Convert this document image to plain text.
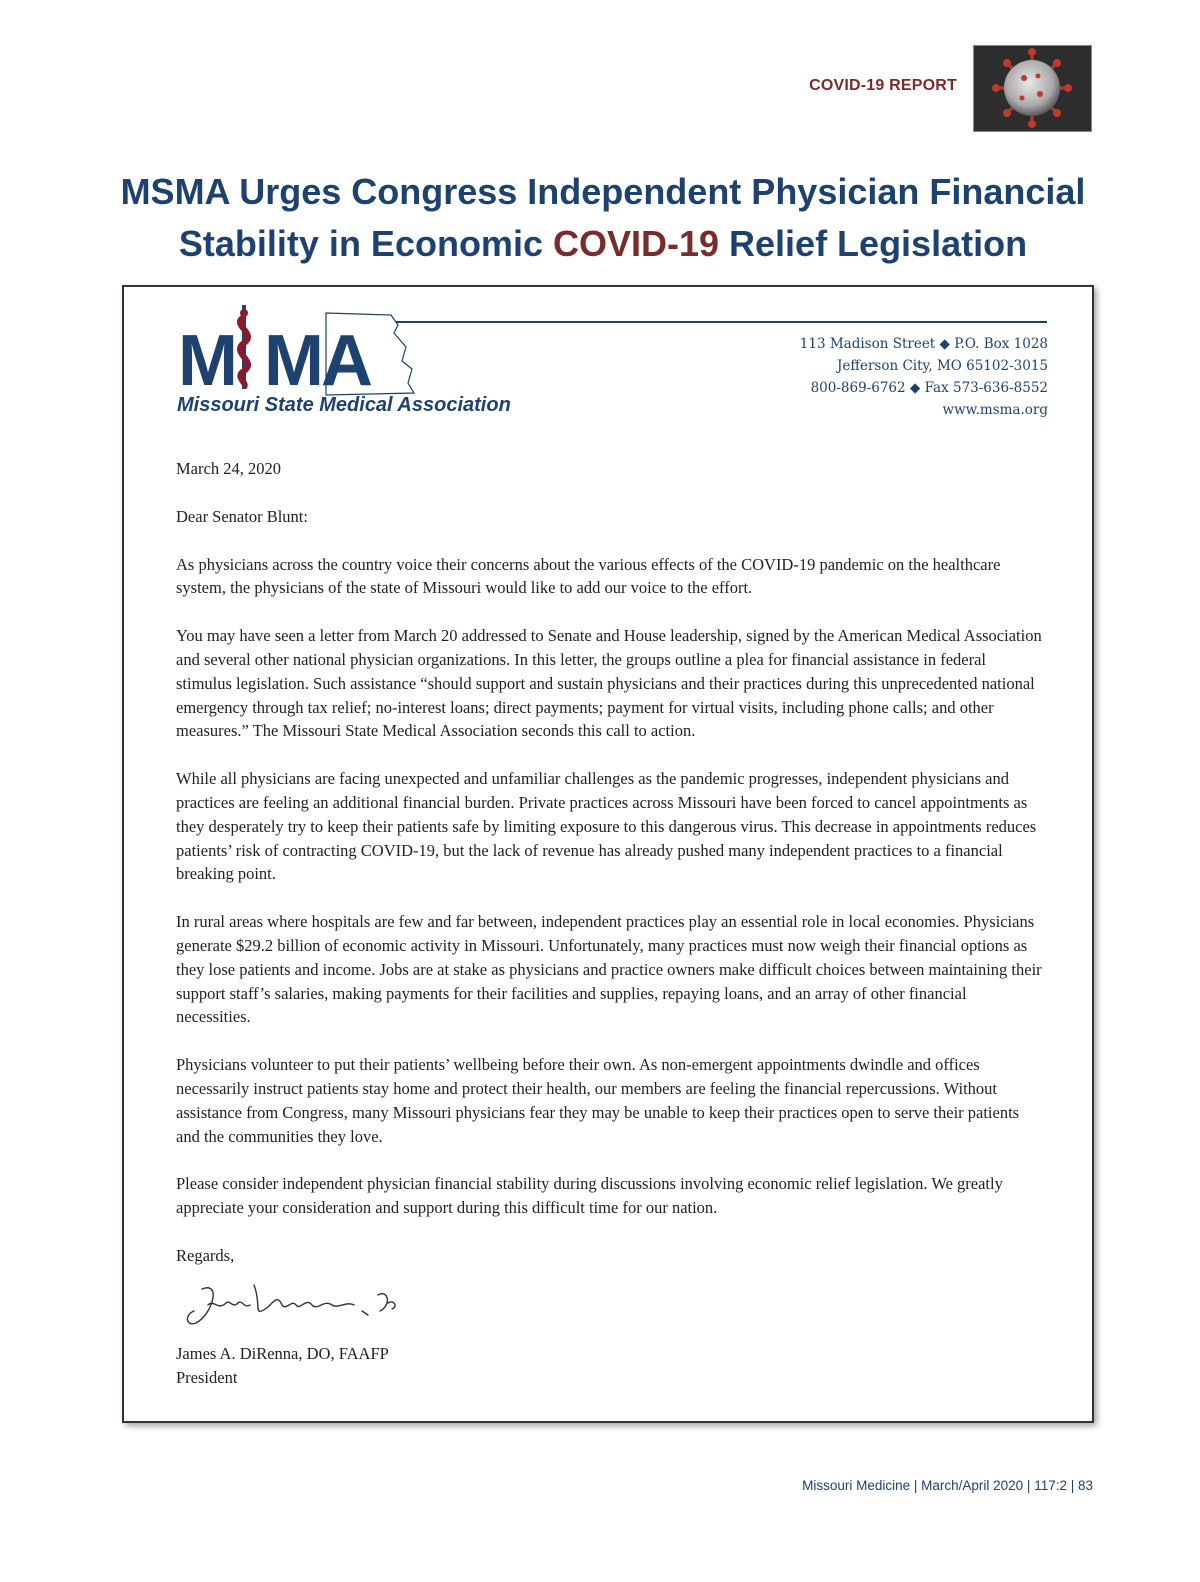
COVID-19 REPORT
MSMA Urges Congress Independent Physician Financial Stability in Economic COVID-19 Relief Legislation
M MA
Missouri State Medical Association
113 Madison Street ◆ P.O. Box 1028
Jefferson City, MO 65102-3015
800-869-6762 ◆ Fax 573-636-8552
www.msma.org

March 24, 2020

Dear Senator Blunt:

As physicians across the country voice their concerns about the various effects of the COVID-19 pandemic on the healthcare system, the physicians of the state of Missouri would like to add our voice to the effort.

You may have seen a letter from March 20 addressed to Senate and House leadership, signed by the American Medical Association and several other national physician organizations. In this letter, the groups outline a plea for financial assistance in federal stimulus legislation. Such assistance “should support and sustain physicians and their practices during this unprecedented national emergency through tax relief; no-interest loans; direct payments; payment for virtual visits, including phone calls; and other measures.” The Missouri State Medical Association seconds this call to action.

While all physicians are facing unexpected and unfamiliar challenges as the pandemic progresses, independent physicians and practices are feeling an additional financial burden. Private practices across Missouri have been forced to cancel appointments as they desperately try to keep their patients safe by limiting exposure to this dangerous virus. This decrease in appointments reduces patients’ risk of contracting COVID-19, but the lack of revenue has already pushed many independent practices to a financial breaking point.

In rural areas where hospitals are few and far between, independent practices play an essential role in local economies. Physicians generate $29.2 billion of economic activity in Missouri. Unfortunately, many practices must now weigh their financial options as they lose patients and income. Jobs are at stake as physicians and practice owners make difficult choices between maintaining their support staff’s salaries, making payments for their facilities and supplies, repaying loans, and an array of other financial necessities.

Physicians volunteer to put their patients’ wellbeing before their own. As non-emergent appointments dwindle and offices necessarily instruct patients stay home and protect their health, our members are feeling the financial repercussions. Without assistance from Congress, many Missouri physicians fear they may be unable to keep their practices open to serve their patients and the communities they love.

Please consider independent physician financial stability during discussions involving economic relief legislation. We greatly appreciate your consideration and support during this difficult time for our nation.

Regards,

James A. DiRenna, DO, FAAFP
President
Missouri Medicine | March/April 2020 | 117:2 | 83
